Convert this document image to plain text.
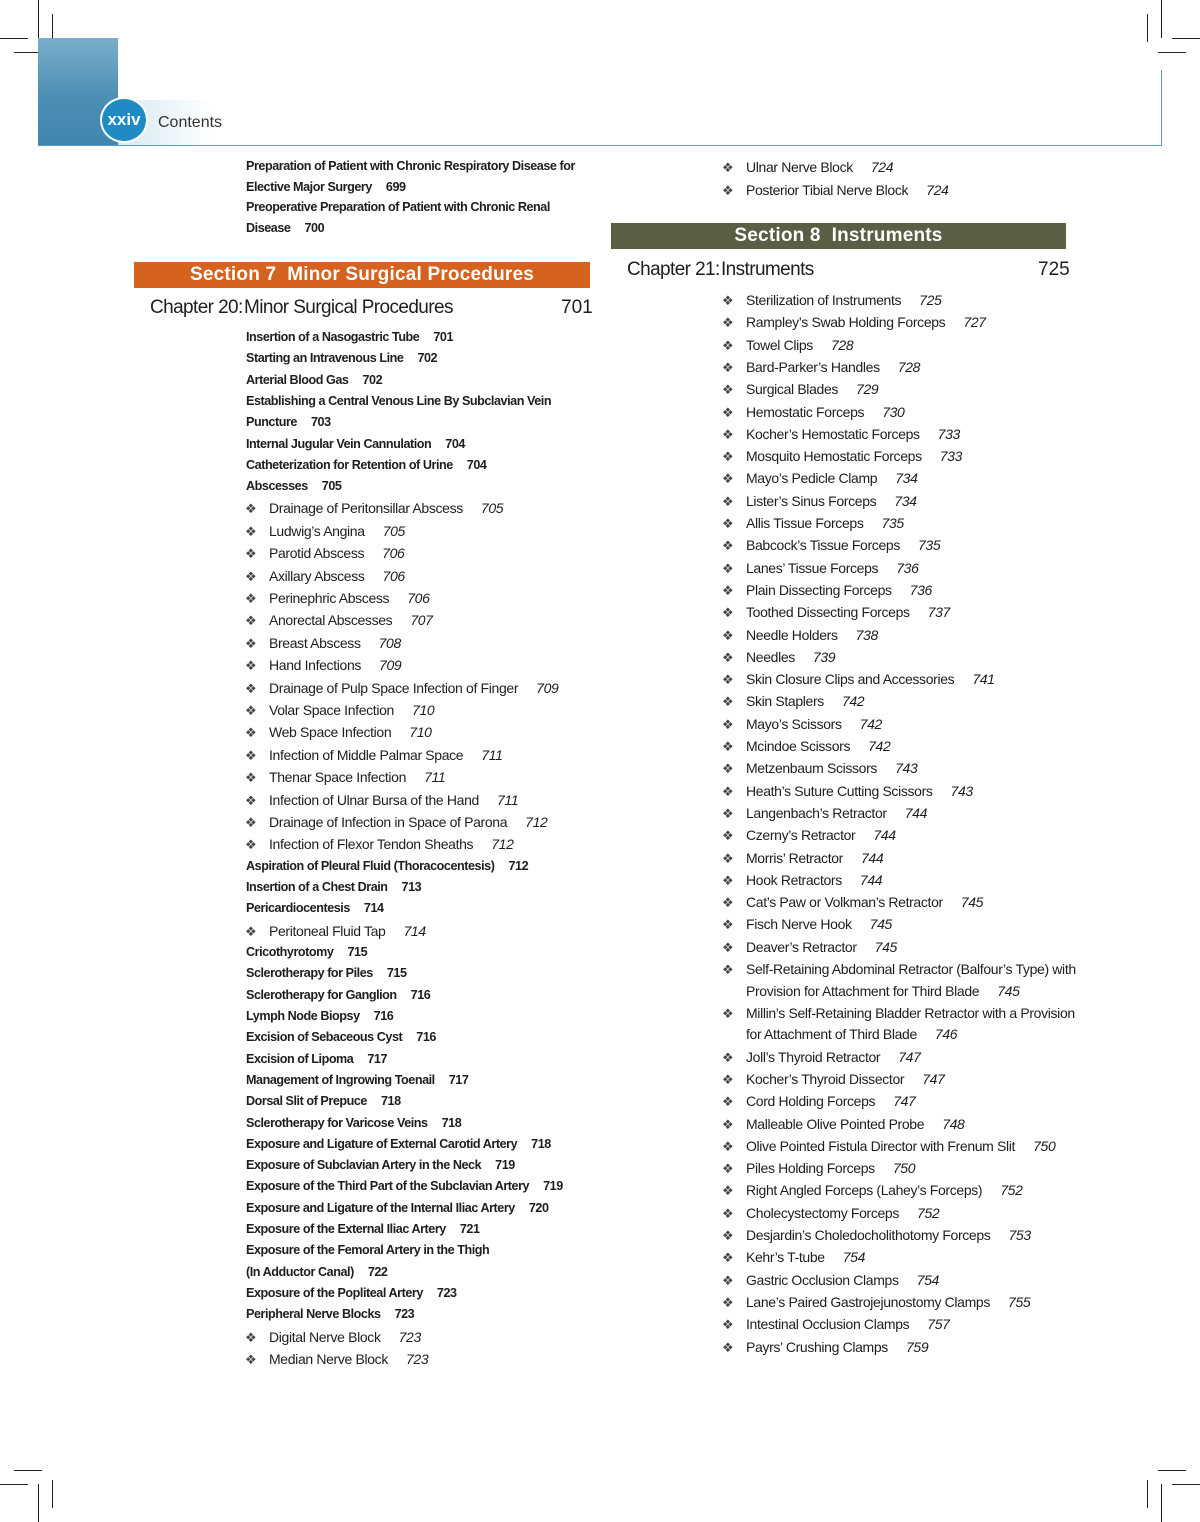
xxiv Contents
Preparation of Patient with Chronic Respiratory Disease for
Elective Major Surgery 699
Preoperative Preparation of Patient with Chronic Renal
Disease 700
Section 7  Minor Surgical Procedures
Chapter 20: Minor Surgical Procedures	701
Insertion of a Nasogastric Tube 701
Starting an Intravenous Line 702
Arterial Blood Gas 702
Establishing a Central Venous Line By Subclavian Vein
Puncture 703
Internal Jugular Vein Cannulation 704
Catheterization for Retention of Urine 704
Abscesses 705
❖ Drainage of Peritonsillar Abscess 705
❖ Ludwig’s Angina 705
❖ Parotid Abscess 706
❖ Axillary Abscess 706
❖ Perinephric Abscess 706
❖ Anorectal Abscesses 707
❖ Breast Abscess 708
❖ Hand Infections 709
❖ Drainage of Pulp Space Infection of Finger 709
❖ Volar Space Infection 710
❖ Web Space Infection 710
❖ Infection of Middle Palmar Space 711
❖ Thenar Space Infection 711
❖ Infection of Ulnar Bursa of the Hand 711
❖ Drainage of Infection in Space of Parona 712
❖ Infection of Flexor Tendon Sheaths 712
Aspiration of Pleural Fluid (Thoracocentesis) 712
Insertion of a Chest Drain 713
Pericardiocentesis 714
❖ Peritoneal Fluid Tap 714
Cricothyrotomy 715
Sclerotherapy for Piles 715
Sclerotherapy for Ganglion 716
Lymph Node Biopsy 716
Excision of Sebaceous Cyst 716
Excision of Lipoma 717
Management of Ingrowing Toenail 717
Dorsal Slit of Prepuce 718
Sclerotherapy for Varicose Veins 718
Exposure and Ligature of External Carotid Artery 718
Exposure of Subclavian Artery in the Neck 719
Exposure of the Third Part of the Subclavian Artery 719
Exposure and Ligature of the Internal Iliac Artery 720
Exposure of the External Iliac Artery 721
Exposure of the Femoral Artery in the Thigh
(In Adductor Canal) 722
Exposure of the Popliteal Artery 723
Peripheral Nerve Blocks 723
❖ Digital Nerve Block 723
❖ Median Nerve Block 723
❖ Ulnar Nerve Block 724
❖ Posterior Tibial Nerve Block 724
Section 8  Instruments
Chapter 21: Instruments	725
❖ Sterilization of Instruments 725
❖ Rampley’s Swab Holding Forceps 727
❖ Towel Clips 728
❖ Bard-Parker’s Handles 728
❖ Surgical Blades 729
❖ Hemostatic Forceps 730
❖ Kocher’s Hemostatic Forceps 733
❖ Mosquito Hemostatic Forceps 733
❖ Mayo’s Pedicle Clamp 734
❖ Lister’s Sinus Forceps 734
❖ Allis Tissue Forceps 735
❖ Babcock’s Tissue Forceps 735
❖ Lanes’ Tissue Forceps 736
❖ Plain Dissecting Forceps 736
❖ Toothed Dissecting Forceps 737
❖ Needle Holders 738
❖ Needles 739
❖ Skin Closure Clips and Accessories 741
❖ Skin Staplers 742
❖ Mayo’s Scissors 742
❖ Mcindoe Scissors 742
❖ Metzenbaum Scissors 743
❖ Heath’s Suture Cutting Scissors 743
❖ Langenbach’s Retractor 744
❖ Czerny’s Retractor 744
❖ Morris’ Retractor 744
❖ Hook Retractors 744
❖ Cat’s Paw or Volkman’s Retractor 745
❖ Fisch Nerve Hook 745
❖ Deaver’s Retractor 745
❖ Self-Retaining Abdominal Retractor (Balfour’s Type) with
Provision for Attachment for Third Blade 745
❖ Millin’s Self-Retaining Bladder Retractor with a Provision
for Attachment of Third Blade 746
❖ Joll’s Thyroid Retractor 747
❖ Kocher’s Thyroid Dissector 747
❖ Cord Holding Forceps 747
❖ Malleable Olive Pointed Probe 748
❖ Olive Pointed Fistula Director with Frenum Slit 750
❖ Piles Holding Forceps 750
❖ Right Angled Forceps (Lahey’s Forceps) 752
❖ Cholecystectomy Forceps 752
❖ Desjardin’s Choledocholithotomy Forceps 753
❖ Kehr’s T-tube 754
❖ Gastric Occlusion Clamps 754
❖ Lane’s Paired Gastrojejunostomy Clamps 755
❖ Intestinal Occlusion Clamps 757
❖ Payrs’ Crushing Clamps 759
